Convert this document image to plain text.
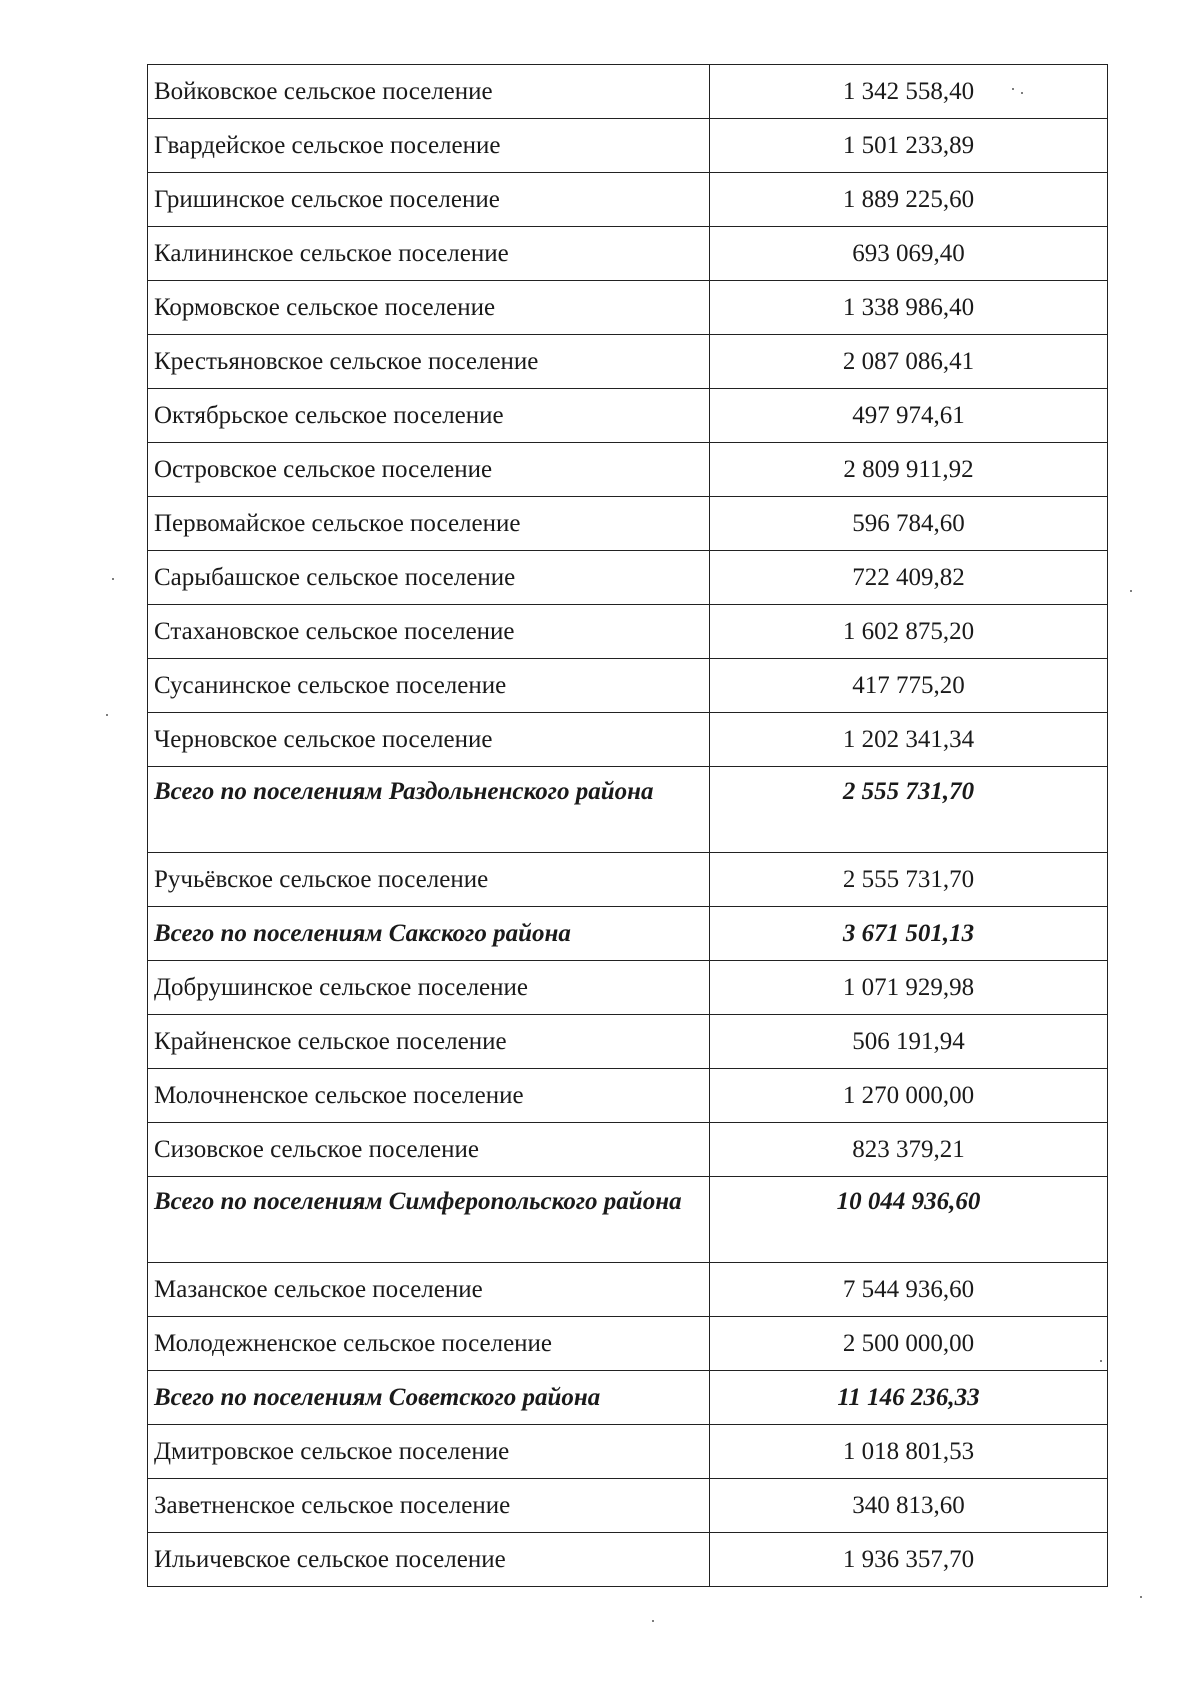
Войковское сельское поселение	1 342 558,40
Гвардейское сельское поселение	1 501 233,89
Гришинское сельское поселение	1 889 225,60
Калининское сельское поселение	693 069,40
Кормовское сельское поселение	1 338 986,40
Крестьяновское сельское поселение	2 087 086,41
Октябрьское сельское поселение	497 974,61
Островское сельское поселение	2 809 911,92
Первомайское сельское поселение	596 784,60
Сарыбашское сельское поселение	722 409,82
Стахановское сельское поселение	1 602 875,20
Сусанинское сельское поселение	417 775,20
Черновское сельское поселение	1 202 341,34
Всего по поселениям Раздольненского района	2 555 731,70
Ручьёвское сельское поселение	2 555 731,70
Всего по поселениям Сакского района	3 671 501,13
Добрушинское сельское поселение	1 071 929,98
Крайненское сельское поселение	506 191,94
Молочненское сельское поселение	1 270 000,00
Сизовское сельское поселение	823 379,21
Всего по поселениям Симферопольского района	10 044 936,60
Мазанское сельское поселение	7 544 936,60
Молодежненское сельское поселение	2 500 000,00
Всего по поселениям Советского района	11 146 236,33
Дмитровское сельское поселение	1 018 801,53
Заветненское сельское поселение	340 813,60
Ильичевское сельское поселение	1 936 357,70
